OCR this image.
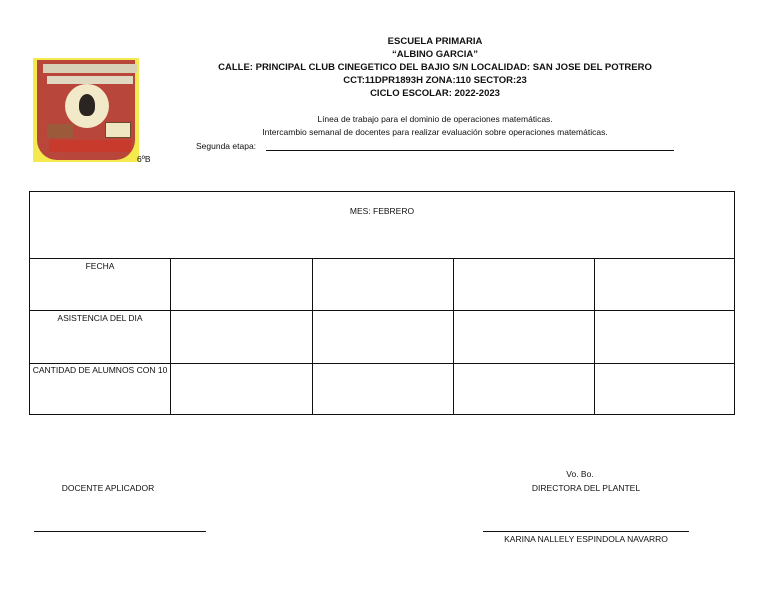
ESCUELA PRIMARIA
“ALBINO GARCIA”
CALLE: PRINCIPAL CLUB CINEGETICO DEL BAJIO S/N LOCALIDAD: SAN JOSE DEL POTRERO
CCT:11DPR1893H ZONA:110 SECTOR:23
CICLO ESCOLAR: 2022-2023
6ºB
Línea de trabajo para el dominio de operaciones matemáticas.
Intercambio semanal de docentes para realizar evaluación sobre operaciones matemáticas.
Segunda etapa:
FECHA
ASISTENCIA DEL DIA
CANTIDAD DE ALUMNOS CON 10
MES: FEBRERO
DOCENTE APLICADOR
Vo. Bo.
DIRECTORA DEL PLANTEL
KARINA NALLELY ESPINDOLA NAVARRO
